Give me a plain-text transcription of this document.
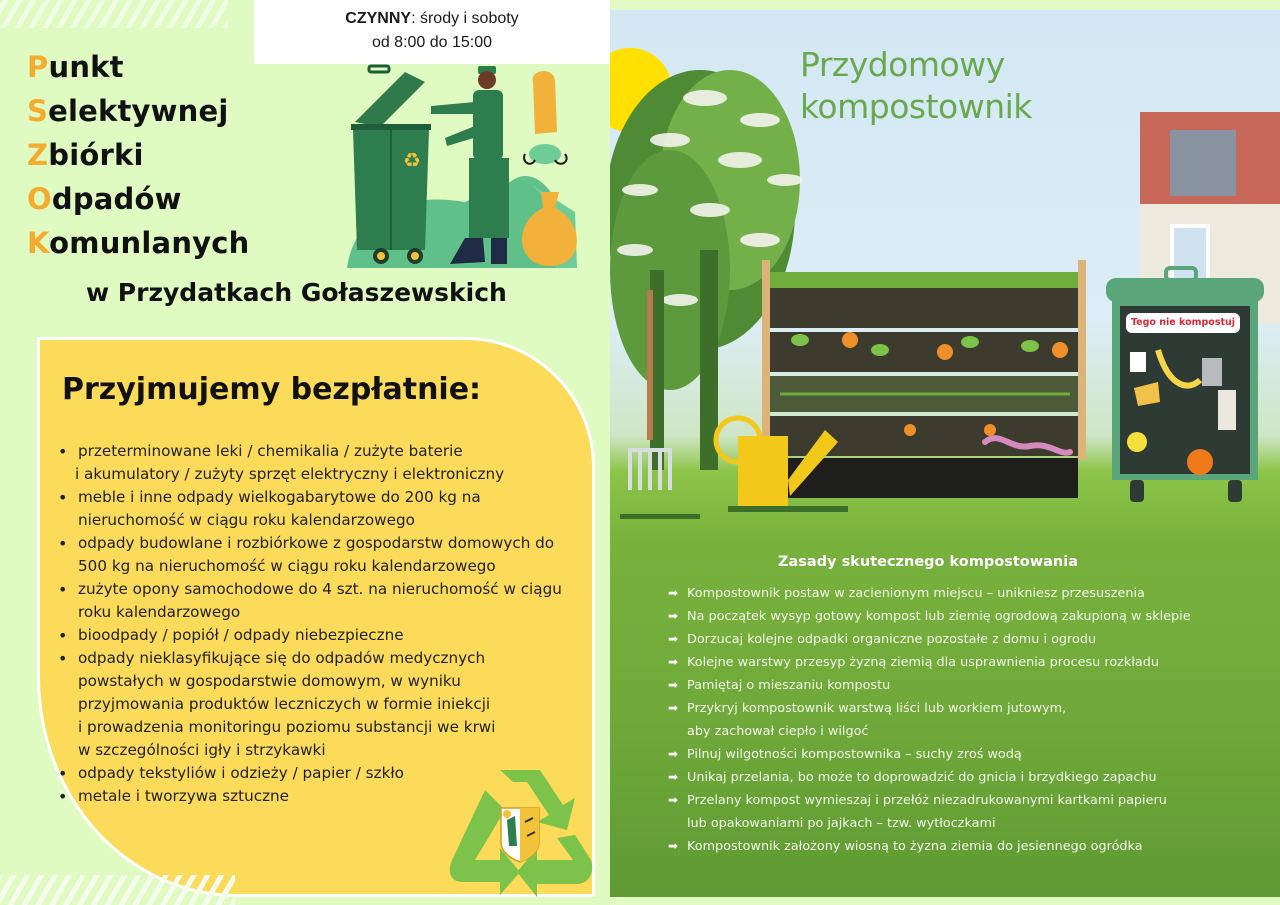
CZYNNY: środy i soboty
od 8:00 do 15:00
Punkt
Selektywnej
Zbiórki
Odpadów
Komunlanych
♻
w Przydatkach Gołaszewskich
Przyjmujemy bezpłatnie:
• przeterminowane leki / chemikalia / zużyte baterie
i akumulatory / zużyty sprzęt elektryczny i elektroniczny
• meble i inne odpady wielkogabarytowe do 200 kg na
nieruchomość w ciągu roku kalendarzowego
• odpady budowlane i rozbiórkowe z gospodarstw domowych do
500 kg na nieruchomość w ciągu roku kalendarzowego
• zużyte opony samochodowe do 4 szt. na nieruchomość w ciągu
roku kalendarzowego
• bioodpady / popiół / odpady niebezpieczne
• odpady nieklasyfikujące się do odpadów medycznych
powstałych w gospodarstwie domowym, w wyniku
przyjmowania produktów leczniczych w formie iniekcji
i prowadzenia monitoringu poziomu substancji we krwi
w szczególności igły i strzykawki
• odpady tekstyliów i odzieży / papier / szkło
• metale i tworzywa sztuczne
Przydomowy
kompostownik
Tego nie kompostuj
Zasady skutecznego kompostowania
➡ Kompostownik postaw w zacienionym miejscu – unikniesz przesuszenia
➡ Na początek wysyp gotowy kompost lub ziemię ogrodową zakupioną w sklepie
➡ Dorzucaj kolejne odpadki organiczne pozostałe z domu i ogrodu
➡ Kolejne warstwy przesyp żyzną ziemią dla usprawnienia procesu rozkładu
➡ Pamiętaj o mieszaniu kompostu
➡ Przykryj kompostownik warstwą liści lub workiem jutowym,
aby zachował ciepło i wilgoć
➡ Pilnuj wilgotności kompostownika – suchy zroś wodą
➡ Unikaj przelania, bo może to doprowadzić do gnicia i brzydkiego zapachu
➡ Przelany kompost wymieszaj i przełóż niezadrukowanymi kartkami papieru
lub opakowaniami po jajkach – tzw. wytłoczkami
➡ Kompostownik założony wiosną to żyzna ziemia do jesiennego ogródka
